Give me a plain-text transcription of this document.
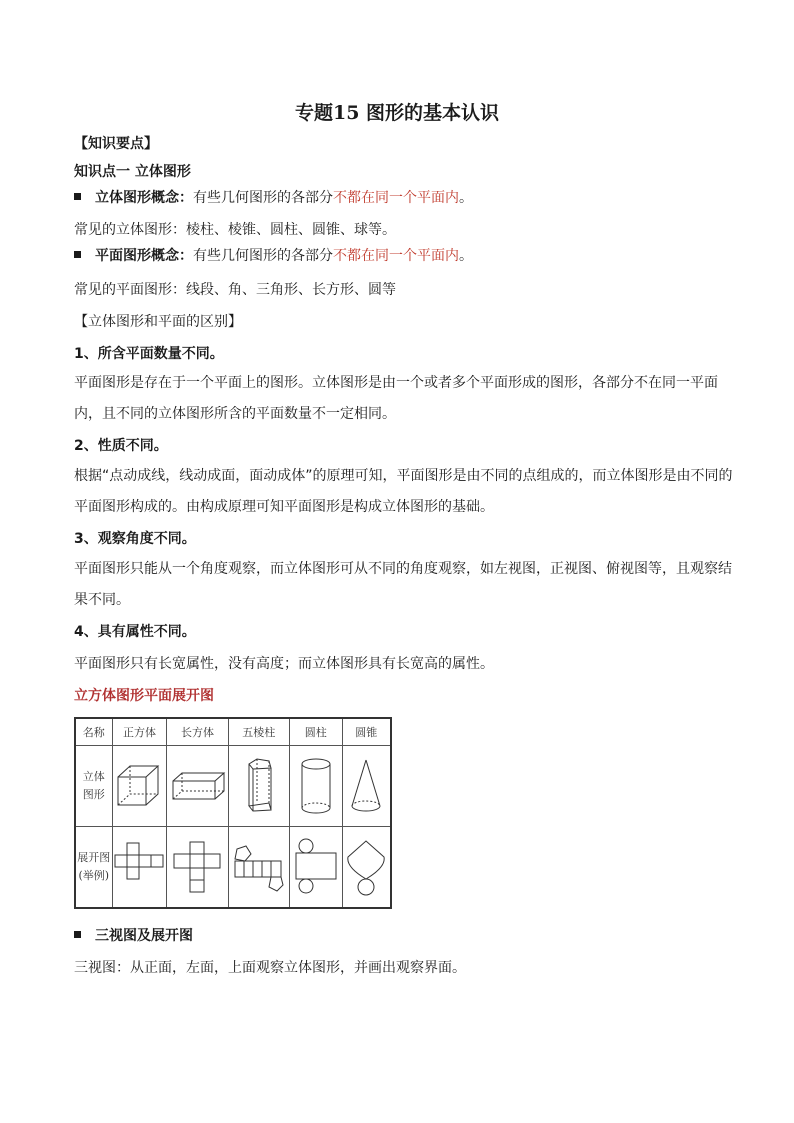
专题15 图形的基本认识
【知识要点】
知识点一 立体图形
立体图形概念：有些几何图形的各部分不都在同一个平面内。
常见的立体图形：棱柱、棱锥、圆柱、圆锥、球等。
平面图形概念：有些几何图形的各部分不都在同一个平面内。
常见的平面图形：线段、角、三角形、长方形、圆等
【立体图形和平面的区别】
1、所含平面数量不同。
平面图形是存在于一个平面上的图形。立体图形是由一个或者多个平面形成的图形，各部分不在同一平面内，且不同的立体图形所含的平面数量不一定相同。
2、性质不同。
根据“点动成线，线动成面，面动成体”的原理可知，平面图形是由不同的点组成的，而立体图形是由不同的平面图形构成的。由构成原理可知平面图形是构成立体图形的基础。
3、观察角度不同。
平面图形只能从一个角度观察，而立体图形可从不同的角度观察，如左视图，正视图、俯视图等，且观察结果不同。
4、具有属性不同。
平面图形只有长宽属性，没有高度；而立体图形具有长宽高的属性。
立方体图形平面展开图
名称	正方体	长方体	五棱柱	圆柱	圆锥

立体
图形

展开图
(举例)

三视图及展开图
三视图：从正面，左面，上面观察立体图形，并画出观察界面。
